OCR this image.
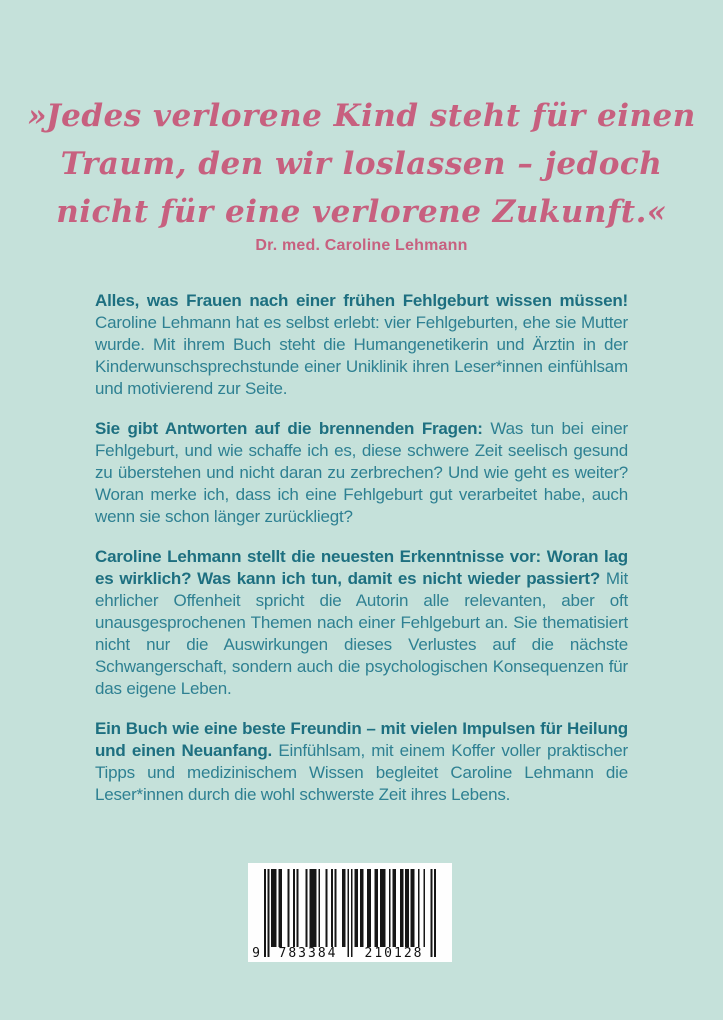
»Jedes verlorene Kind steht für einen
Traum, den wir loslassen – jedoch
nicht für eine verlorene Zukunft.«
Dr. med. Caroline Lehmann

Alles, was Frauen nach einer frühen Fehlgeburt wissen müssen! Caroline Lehmann hat es selbst erlebt: vier Fehlgeburten, ehe sie Mutter wurde. Mit ihrem Buch steht die Humangenetikerin und Ärztin in der Kinderwunschsprechstunde einer Uniklinik ihren Leser*innen einfühlsam und motivierend zur Seite.

Sie gibt Antworten auf die brennenden Fragen: Was tun bei einer Fehlgeburt, und wie schaffe ich es, diese schwere Zeit seelisch gesund zu überstehen und nicht daran zu zerbrechen? Und wie geht es weiter? Woran merke ich, dass ich eine Fehlgeburt gut verarbeitet habe, auch wenn sie schon länger zurückliegt?

Caroline Lehmann stellt die neuesten Erkenntnisse vor: Woran lag es wirklich? Was kann ich tun, damit es nicht wieder passiert? Mit ehrlicher Offenheit spricht die Autorin alle relevanten, aber oft unausgesprochenen Themen nach einer Fehlgeburt an. Sie thematisiert nicht nur die Auswirkungen dieses Verlustes auf die nächste Schwangerschaft, sondern auch die psychologischen Konsequenzen für das eigene Leben.

Ein Buch wie eine beste Freundin – mit vielen Impulsen für Heilung und einen Neuanfang. Einfühlsam, mit einem Koffer voller praktischer Tipps und medizinischem Wissen begleitet Caroline Lehmann die Leser*innen durch die wohl schwerste Zeit ihres Lebens.

9	783384	210128
